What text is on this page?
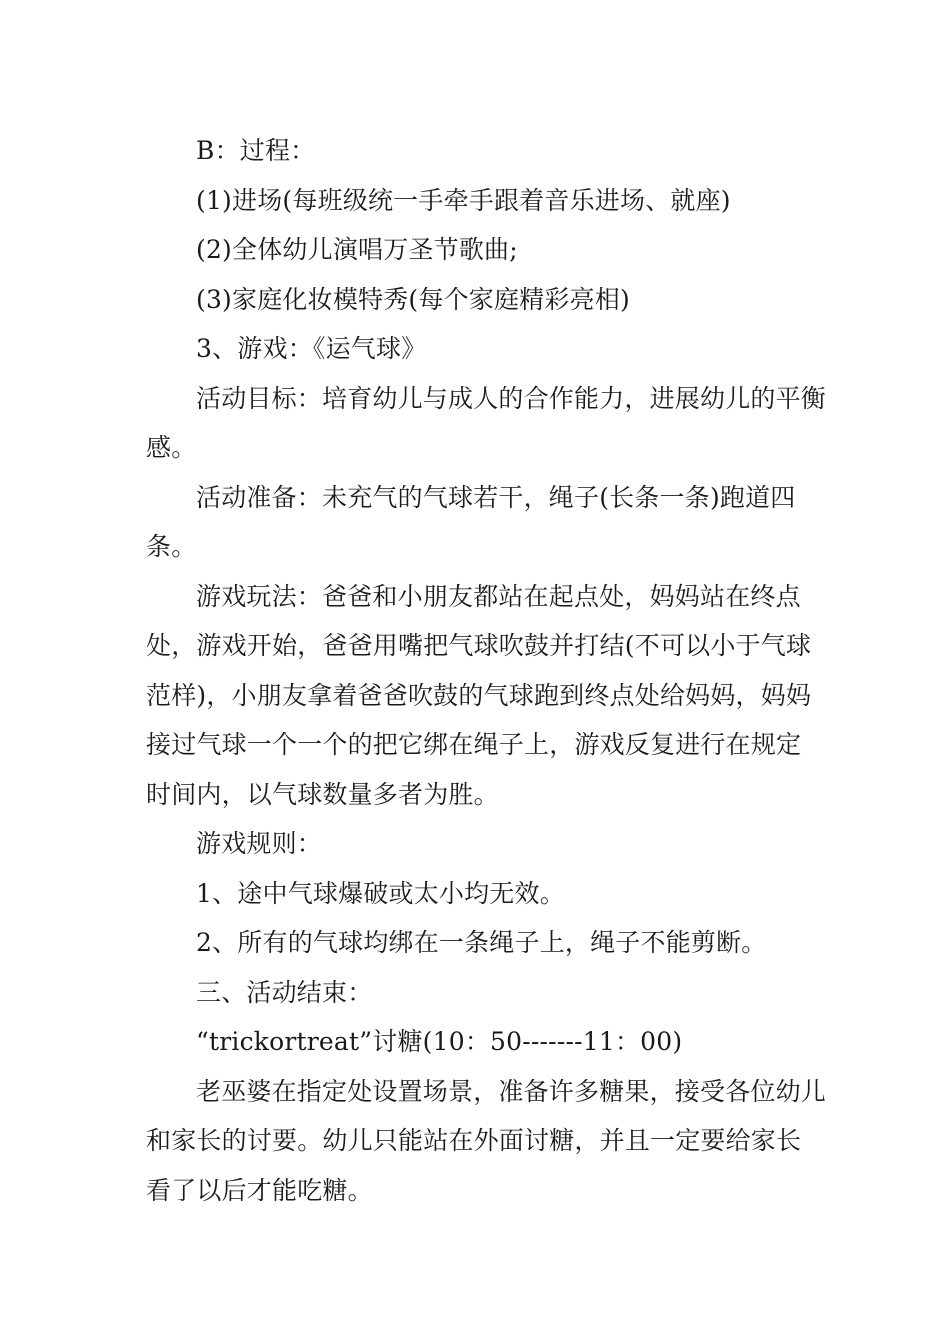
B：过程：

(1)进场(每班级统一手牵手跟着音乐进场、就座)

(2)全体幼儿演唱万圣节歌曲;

(3)家庭化妆模特秀(每个家庭精彩亮相)

3、游戏：《运气球》

活动目标：培育幼儿与成人的合作能力，进展幼儿的平衡感。

活动准备：未充气的气球若干，绳子(长条一条)跑道四条。

游戏玩法：爸爸和小朋友都站在起点处，妈妈站在终点处，游戏开始，爸爸用嘴把气球吹鼓并打结(不可以小于气球范样)，小朋友拿着爸爸吹鼓的气球跑到终点处给妈妈，妈妈接过气球一个一个的把它绑在绳子上，游戏反复进行在规定时间内，以气球数量多者为胜。

游戏规则：

1、途中气球爆破或太小均无效。

2、所有的气球均绑在一条绳子上，绳子不能剪断。

三、活动结束：

“trickortreat”讨糖(10：50-------11：00)

老巫婆在指定处设置场景，准备许多糖果，接受各位幼儿和家长的讨要。幼儿只能站在外面讨糖，并且一定要给家长看了以后才能吃糖。
